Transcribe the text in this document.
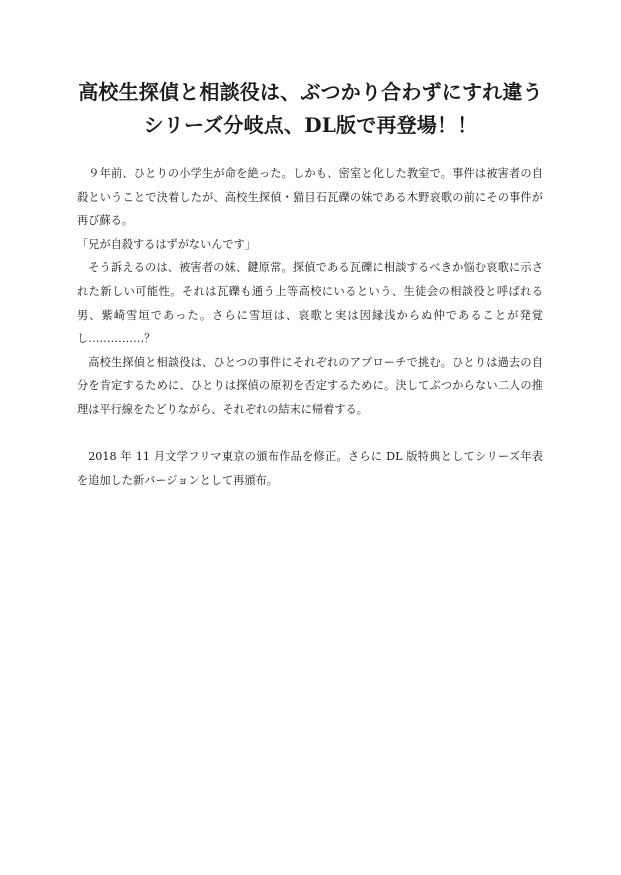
高校生探偵と相談役は、ぶつかり合わずにすれ違う
シリーズ分岐点、DL版で再登場！！

９年前、ひとりの小学生が命を絶った。しかも、密室と化した教室で。事件は被害者の自殺ということで決着したが、高校生探偵・猫目石瓦礫の妹である木野哀歌の前にその事件が再び蘇る。

「兄が自殺するはずがないんです」

そう訴えるのは、被害者の妹、鍵原常。探偵である瓦礫に相談するべきか悩む哀歌に示された新しい可能性。それは瓦礫も通う上等高校にいるという、生徒会の相談役と呼ばれる男、紫崎雪垣であった。さらに雪垣は、哀歌と実は因縁浅からぬ仲であることが発覚し……………？

高校生探偵と相談役は、ひとつの事件にそれぞれのアプローチで挑む。ひとりは過去の自分を肯定するために、ひとりは探偵の原初を否定するために。決してぶつからない二人の推理は平行線をたどりながら、それぞれの結末に帰着する。

2018 年 11 月文学フリマ東京の頒布作品を修正。さらに DL 版特典としてシリーズ年表を追加した新バージョンとして再頒布。
